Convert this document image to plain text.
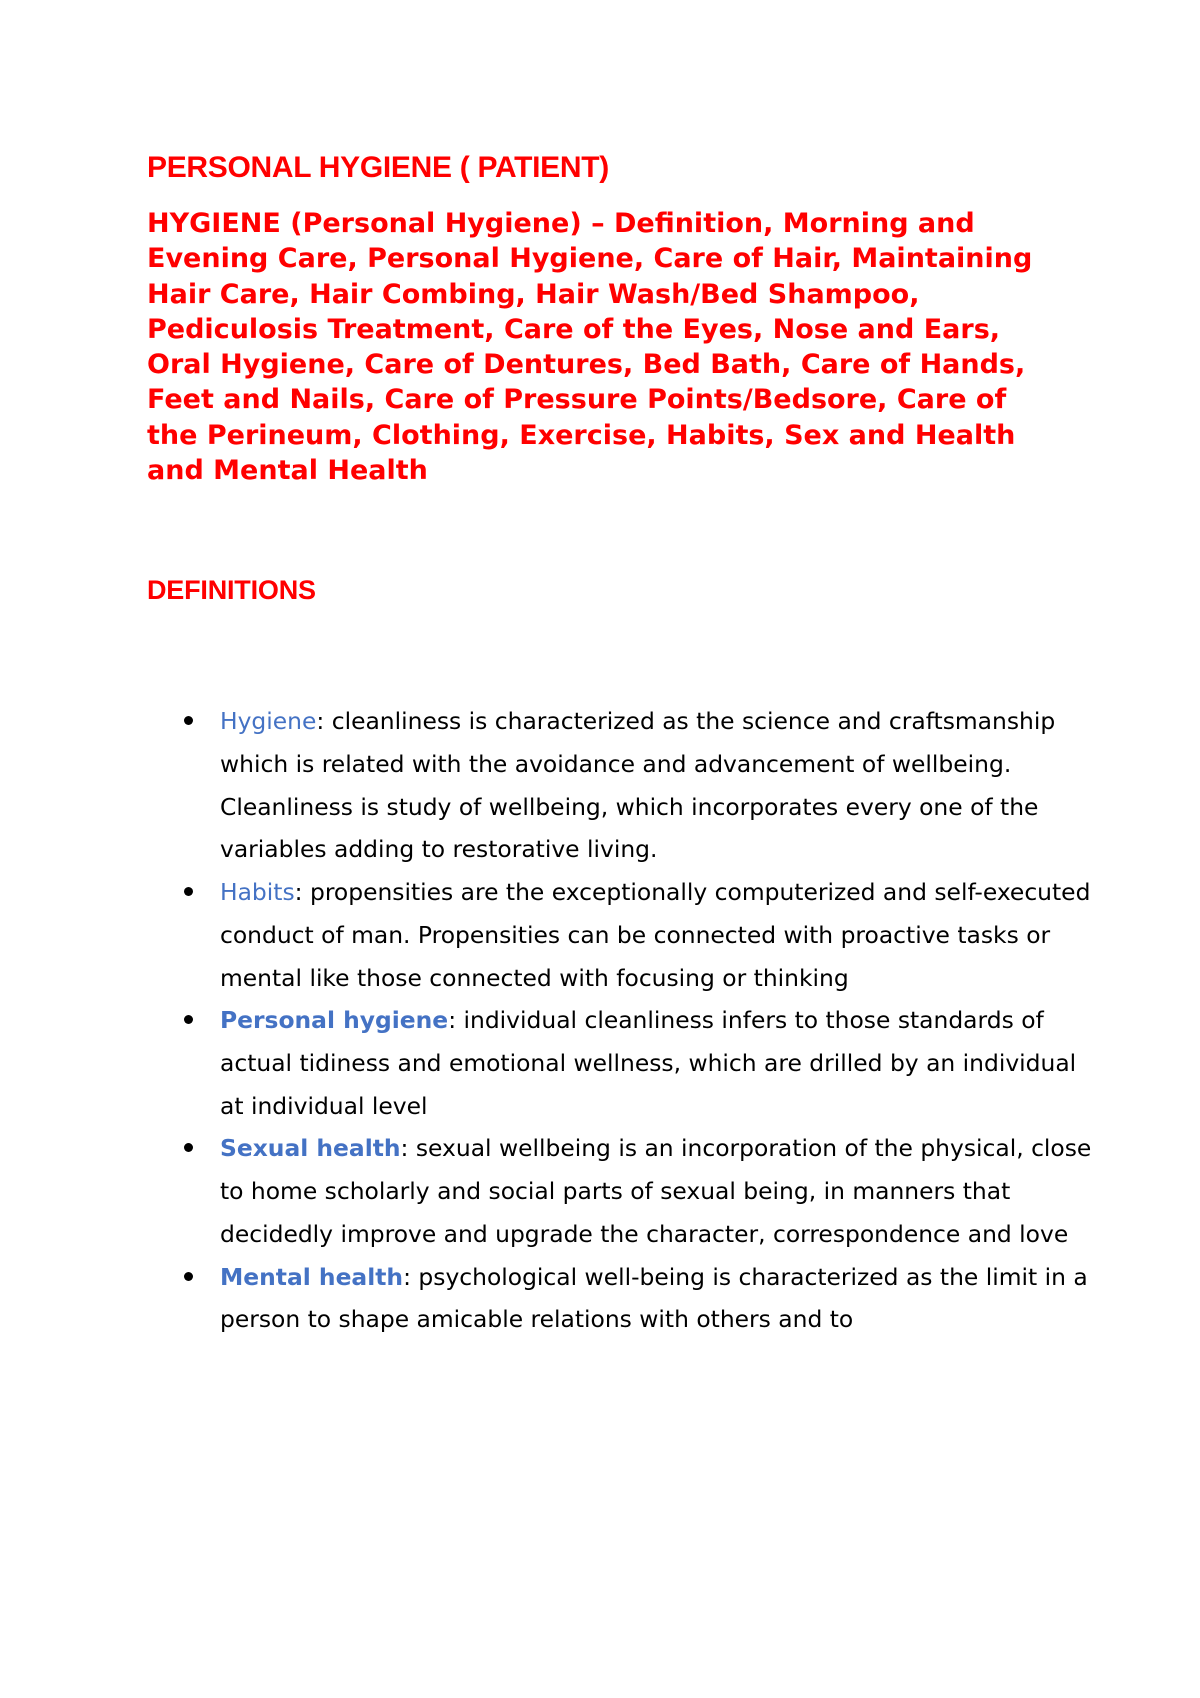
PERSONAL HYGIENE ( PATIENT)

HYGIENE (Personal Hygiene) – Definition, Morning and Evening Care, Personal Hygiene, Care of Hair, Maintaining Hair Care, Hair Combing, Hair Wash/Bed Shampoo, Pediculosis Treatment, Care of the Eyes, Nose and Ears, Oral Hygiene, Care of Dentures, Bed Bath, Care of Hands, Feet and Nails, Care of Pressure Points/Bedsore, Care of the Perineum, Clothing, Exercise, Habits, Sex and Health and Mental Health

DEFINITIONS
Hygiene: cleanliness is characterized as the science and craftsmanship which is related with the avoidance and advancement of wellbeing. Cleanliness is study of wellbeing, which incorporates every one of the variables adding to restorative living.
Habits: propensities are the exceptionally computerized and self-executed conduct of man. Propensities can be connected with proactive tasks or mental like those connected with focusing or thinking
Personal hygiene: individual cleanliness infers to those standards of actual tidiness and emotional wellness, which are drilled by an individual at individual level
Sexual health: sexual wellbeing is an incorporation of the physical, close to home scholarly and social parts of sexual being, in manners that decidedly improve and upgrade the character, correspondence and love
Mental health: psychological well-being is characterized as the limit in a person to shape amicable relations with others and to
